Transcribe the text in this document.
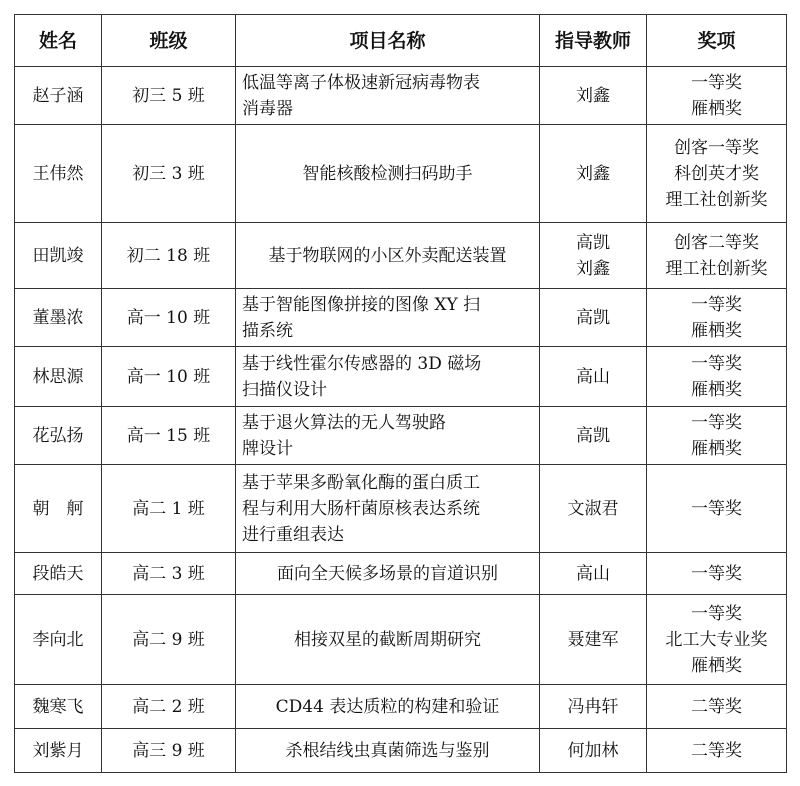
姓名	班级	项目名称	指导教师	奖项
赵子涵	初三 5 班	低温等离子体极速新冠病毒物表
消毒器	刘鑫	一等奖
雁栖奖

王伟然	初三 3 班	智能核酸检测扫码助手	刘鑫	创客一等奖
科创英才奖
理工社创新奖

田凯竣	初二 18 班	基于物联网的小区外卖配送装置	高凯
刘鑫	创客二等奖
理工社创新奖

董墨浓	高一 10 班	基于智能图像拼接的图像 XY 扫
描系统	高凯	一等奖
雁栖奖

林思源	高一 10 班	基于线性霍尔传感器的 3D 磁场
扫描仪设计	高山	一等奖
雁栖奖

花弘扬	高一 15 班	基于退火算法的无人驾驶路
牌设计	高凯	一等奖
雁栖奖

朝　舸	高二 1 班	基于苹果多酚氧化酶的蛋白质工
程与利用大肠杆菌原核表达系统
进行重组表达	文淑君	一等奖

段皓天	高二 3 班	面向全天候多场景的盲道识别	高山	一等奖

李向北	高二 9 班	相接双星的截断周期研究	聂建军	一等奖
北工大专业奖
雁栖奖

魏寒飞	高二 2 班	CD44 表达质粒的构建和验证	冯冉轩	二等奖

刘紫月	高三 9 班	杀根结线虫真菌筛选与鉴别	何加林	二等奖
